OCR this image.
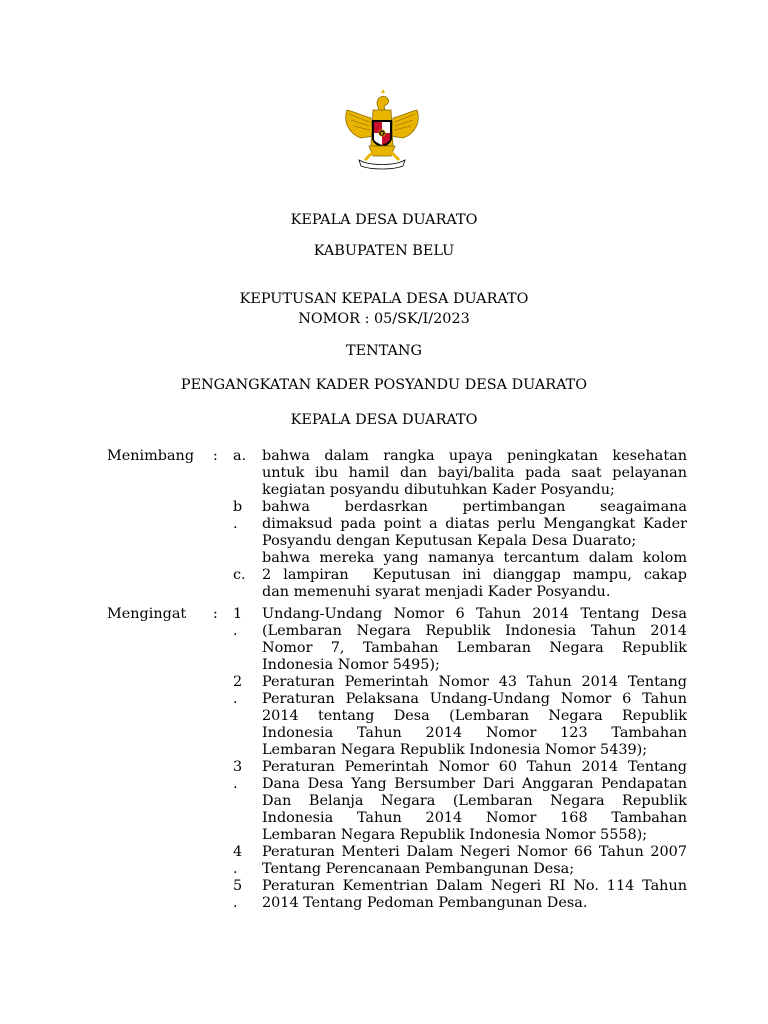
KEPALA DESA DUARATO
KABUPATEN BELU
KEPUTUSAN KEPALA DESA DUARATO
NOMOR : 05/SK/I/2023
TENTANG
PENGANGKATAN KADER POSYANDU DESA DUARATO
KEPALA DESA DUARATO
Menimbang : a. bahwa dalam rangka upaya peningkatan kesehatan
untuk ibu hamil dan bayi/balita pada saat pelayanan
kegiatan posyandu dibutuhkan Kader Posyandu;
b
.
bahwa berdasrkan pertimbangan seagaimana
dimaksud pada point a diatas perlu Mengangkat Kader
Posyandu dengan Keputusan Kepala Desa Duarato;
c.
bahwa mereka yang namanya tercantum dalam kolom
2 lampiran  Keputusan ini dianggap mampu, cakap
dan memenuhi syarat menjadi Kader Posyandu.
Mengingat : 1
.
Undang-Undang Nomor 6 Tahun 2014 Tentang Desa
(Lembaran Negara Republik Indonesia Tahun 2014
Nomor 7, Tambahan Lembaran Negara Republik
Indonesia Nomor 5495);
2
.
Peraturan Pemerintah Nomor 43 Tahun 2014 Tentang
Peraturan Pelaksana Undang-Undang Nomor 6 Tahun
2014 tentang Desa (Lembaran Negara Republik
Indonesia Tahun 2014 Nomor 123 Tambahan
Lembaran Negara Republik Indonesia Nomor 5439);
3
.
Peraturan Pemerintah Nomor 60 Tahun 2014 Tentang
Dana Desa Yang Bersumber Dari Anggaran Pendapatan
Dan Belanja Negara (Lembaran Negara Republik
Indonesia Tahun 2014 Nomor 168 Tambahan
Lembaran Negara Republik Indonesia Nomor 5558);
4
.
Peraturan Menteri Dalam Negeri Nomor 66 Tahun 2007
Tentang Perencanaan Pembangunan Desa;
5
.
Peraturan Kementrian Dalam Negeri RI No. 114 Tahun
2014 Tentang Pedoman Pembangunan Desa.
